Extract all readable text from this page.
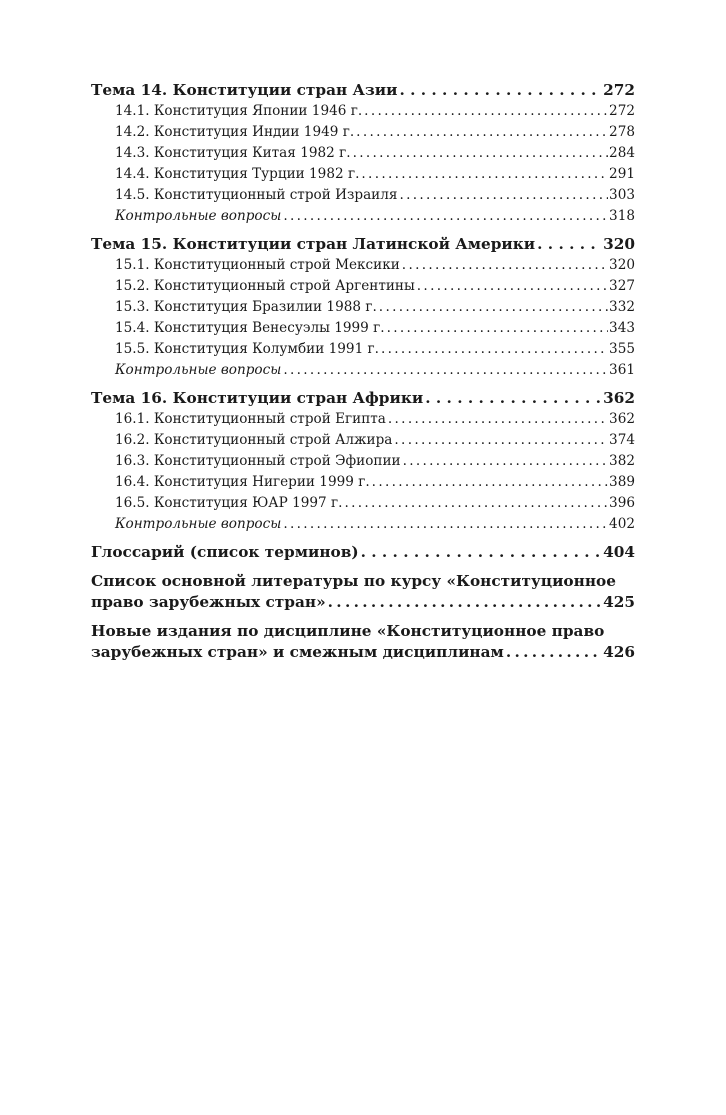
Тема 14. Конституции стран Азии . . .	272
14.1. Конституция Японии 1946 г. . . .	272
14.2. Конституция Индии 1949 г. . . .	278
14.3. Конституция Китая 1982 г. . . .	284
14.4. Конституция Турции 1982 г. . . .	291
14.5. Конституционный строй Израиля . . .	303
Контрольные вопросы . . .	318
Тема 15. Конституции стран Латинской Америки . . .	320
15.1. Конституционный строй Мексики . . .	320
15.2. Конституционный строй Аргентины . . .	327
15.3. Конституция Бразилии 1988 г. . . .	332
15.4. Конституция Венесуэлы 1999 г. . . .	343
15.5. Конституция Колумбии 1991 г. . . .	355
Контрольные вопросы . . .	361
Тема 16. Конституции стран Африки . . .	362
16.1. Конституционный строй Египта . . .	362
16.2. Конституционный строй Алжира . . .	374
16.3. Конституционный строй Эфиопии . . .	382
16.4. Конституция Нигерии 1999 г. . . .	389
16.5. Конституция ЮАР 1997 г. . . .	396
Контрольные вопросы . . .	402
Глоссарий (список терминов) . . .	404
Список основной литературы по курсу «Конституционное
право зарубежных стран» . . .	425
Новые издания по дисциплине «Конституционное право
зарубежных стран» и смежным дисциплинам . . .	426
